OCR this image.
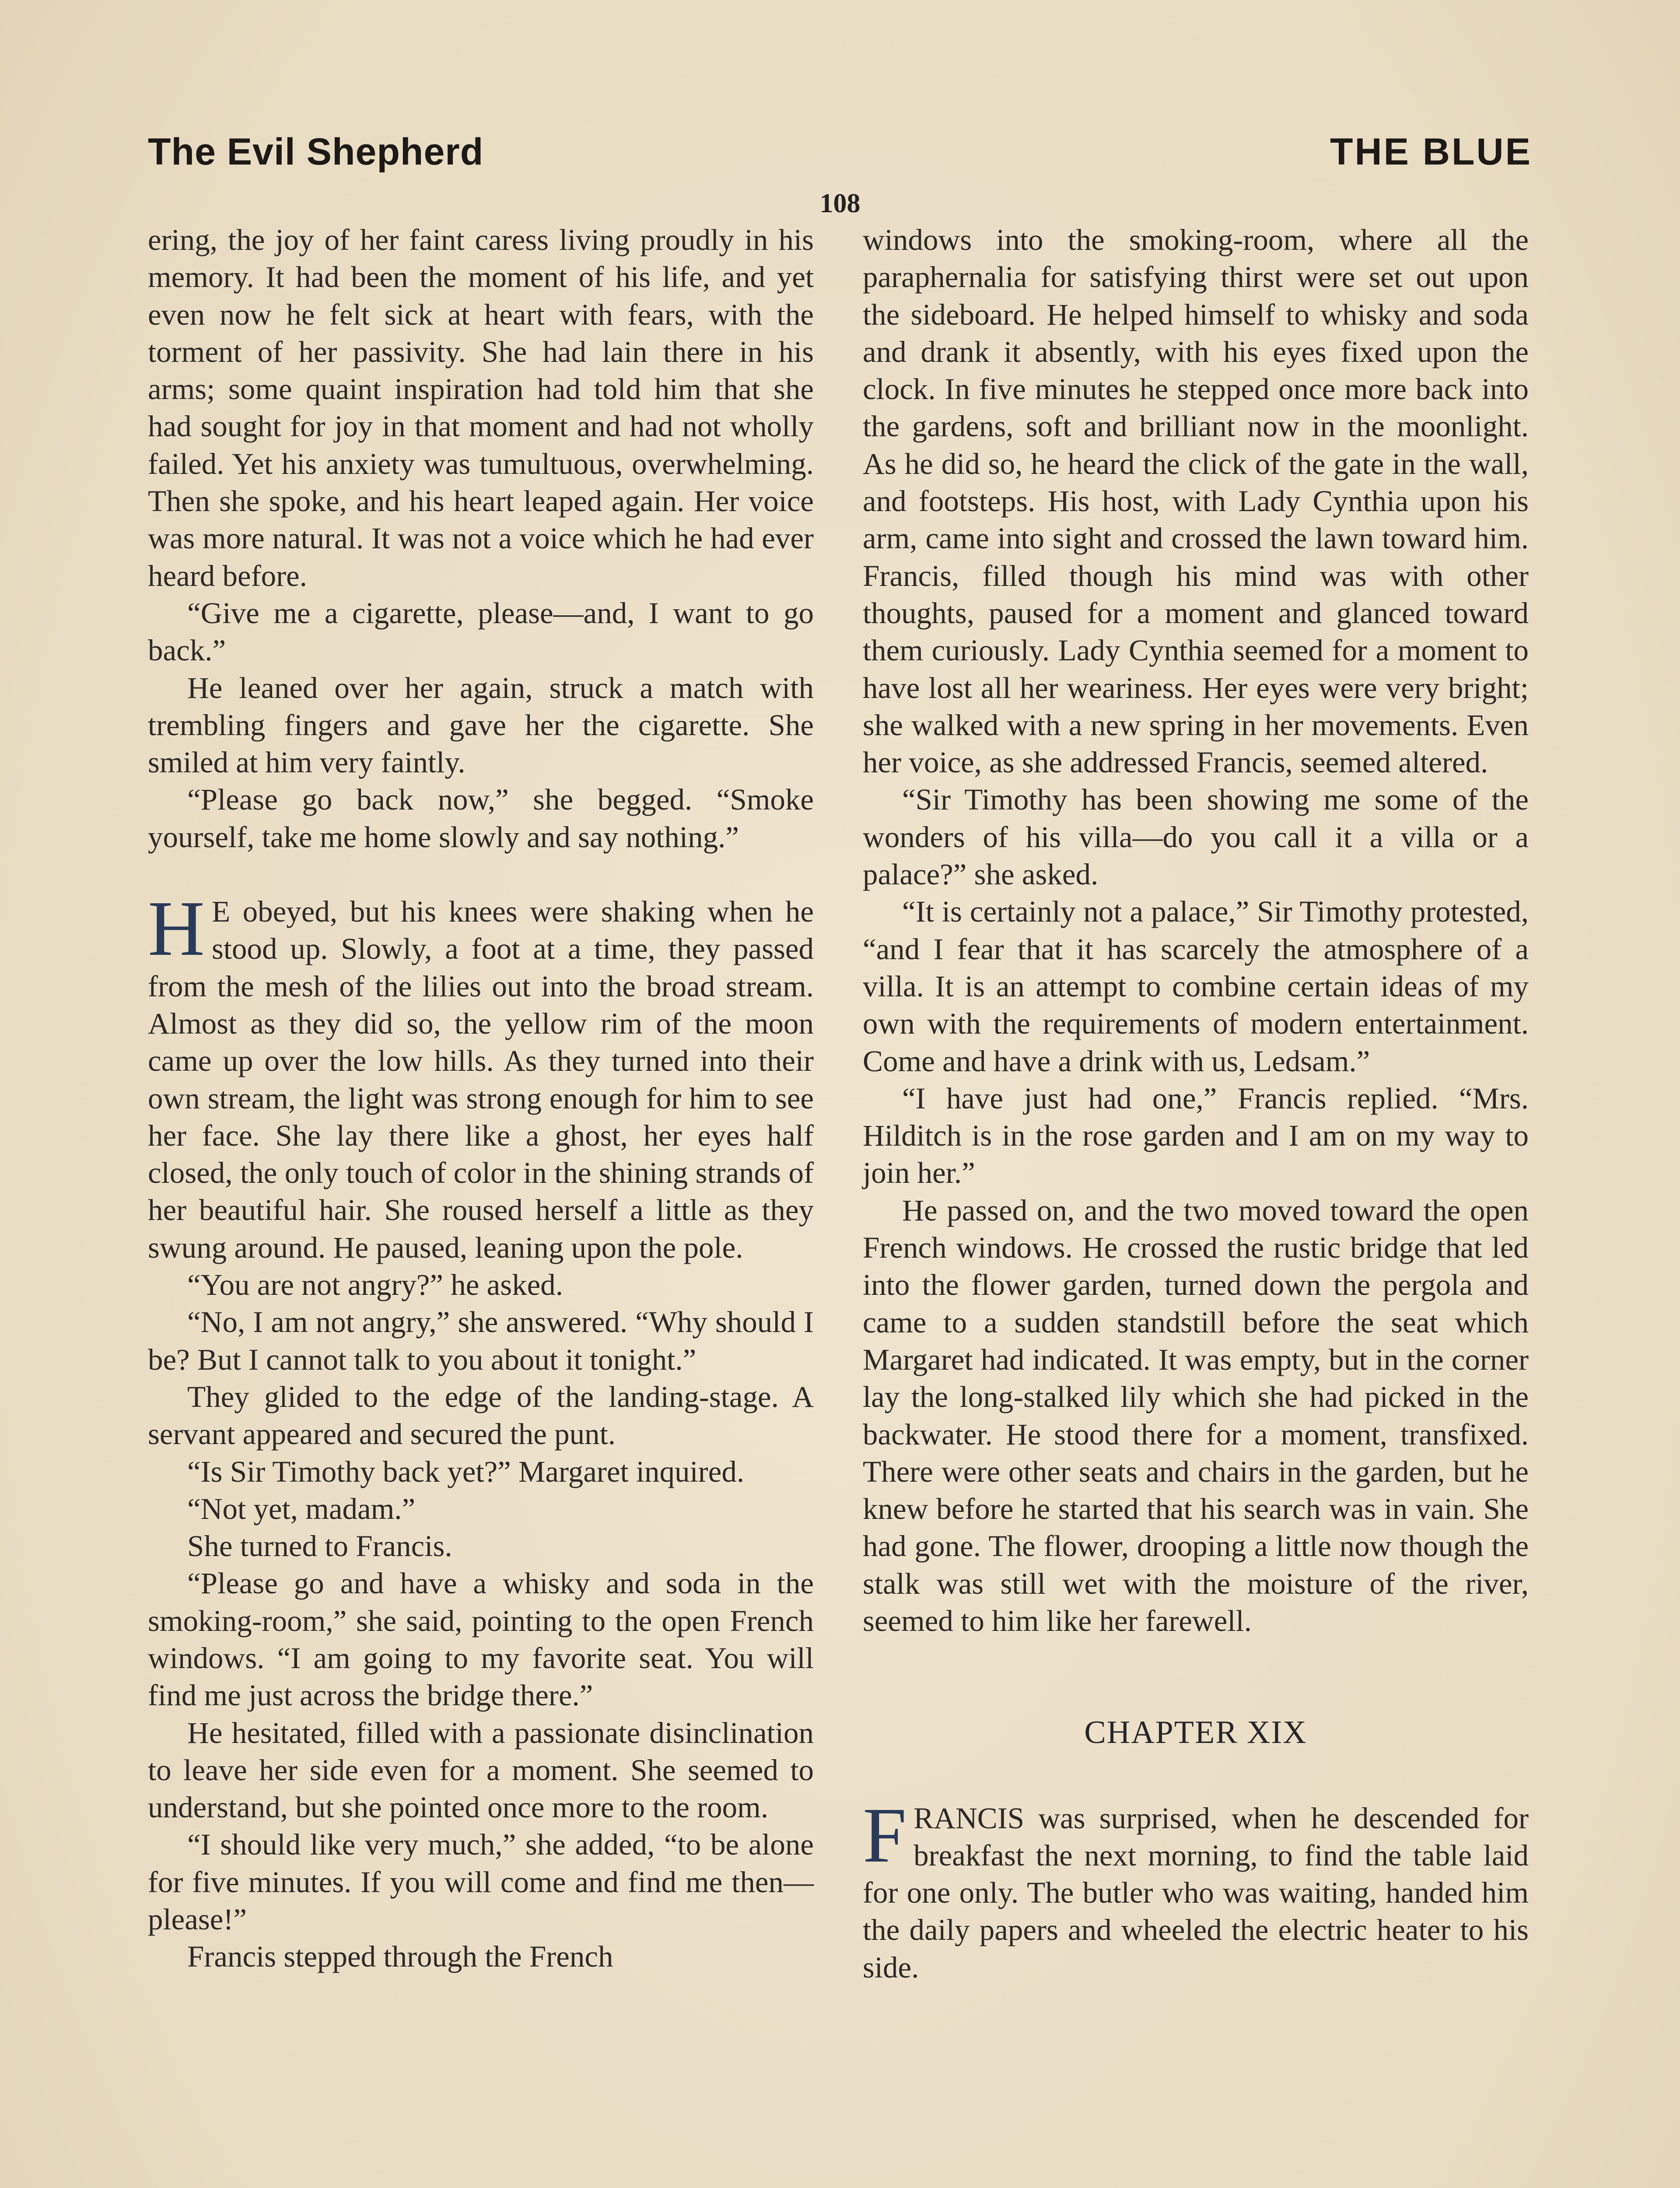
The Evil Shepherd	THE BLUE
108

ering, the joy of her faint caress living proudly in his memory. It had been the moment of his life, and yet even now he felt sick at heart with fears, with the torment of her passivity. She had lain there in his arms; some quaint inspiration had told him that she had sought for joy in that moment and had not wholly failed. Yet his anxiety was tumultuous, overwhelming. Then she spoke, and his heart leaped again. Her voice was more natural. It was not a voice which he had ever heard before.

“Give me a cigarette, please—and, I want to go back.”

He leaned over her again, struck a match with trembling fingers and gave her the cigarette. She smiled at him very faintly.

“Please go back now,” she begged. “Smoke yourself, take me home slowly and say nothing.”

H E obeyed, but his knees were shaking when he stood up. Slowly, a foot at a time, they passed from the mesh of the lilies out into the broad stream. Almost as they did so, the yellow rim of the moon came up over the low hills. As they turned into their own stream, the light was strong enough for him to see her face. She lay there like a ghost, her eyes half closed, the only touch of color in the shining strands of her beautiful hair. She roused herself a little as they swung around. He paused, leaning upon the pole.

“You are not angry?” he asked.

“No, I am not angry,” she answered. “Why should I be? But I cannot talk to you about it tonight.”

They glided to the edge of the landing-stage. A servant appeared and secured the punt.

“Is Sir Timothy back yet?” Margaret inquired.

“Not yet, madam.”

She turned to Francis.

“Please go and have a whisky and soda in the smoking-room,” she said, pointing to the open French windows. “I am going to my favorite seat. You will find me just across the bridge there.”

He hesitated, filled with a passionate disinclination to leave her side even for a moment. She seemed to understand, but she pointed once more to the room.

“I should like very much,” she added, “to be alone for five minutes. If you will come and find me then—please!”

Francis stepped through the French

windows into the smoking-room, where all the paraphernalia for satisfying thirst were set out upon the sideboard. He helped himself to whisky and soda and drank it absently, with his eyes fixed upon the clock. In five minutes he stepped once more back into the gardens, soft and brilliant now in the moonlight. As he did so, he heard the click of the gate in the wall, and footsteps. His host, with Lady Cynthia upon his arm, came into sight and crossed the lawn toward him. Francis, filled though his mind was with other thoughts, paused for a moment and glanced toward them curiously. Lady Cynthia seemed for a moment to have lost all her weariness. Her eyes were very bright; she walked with a new spring in her movements. Even her voice, as she addressed Francis, seemed altered.

“Sir Timothy has been showing me some of the wonders of his villa—do you call it a villa or a palace?” she asked.

“It is certainly not a palace,” Sir Timothy protested, “and I fear that it has scarcely the atmosphere of a villa. It is an attempt to combine certain ideas of my own with the requirements of modern entertainment. Come and have a drink with us, Ledsam.”

“I have just had one,” Francis replied. “Mrs. Hilditch is in the rose garden and I am on my way to join her.”

He passed on, and the two moved toward the open French windows. He crossed the rustic bridge that led into the flower garden, turned down the pergola and came to a sudden standstill before the seat which Margaret had indicated. It was empty, but in the corner lay the long-stalked lily which she had picked in the backwater. He stood there for a moment, transfixed. There were other seats and chairs in the garden, but he knew before he started that his search was in vain. She had gone. The flower, drooping a little now though the stalk was still wet with the moisture of the river, seemed to him like her farewell.

CHAPTER XIX

FRANCIS was surprised, when he descended for breakfast the next morning, to find the table laid for one only. The butler who was waiting, handed him the daily papers and wheeled the electric heater to his side.
